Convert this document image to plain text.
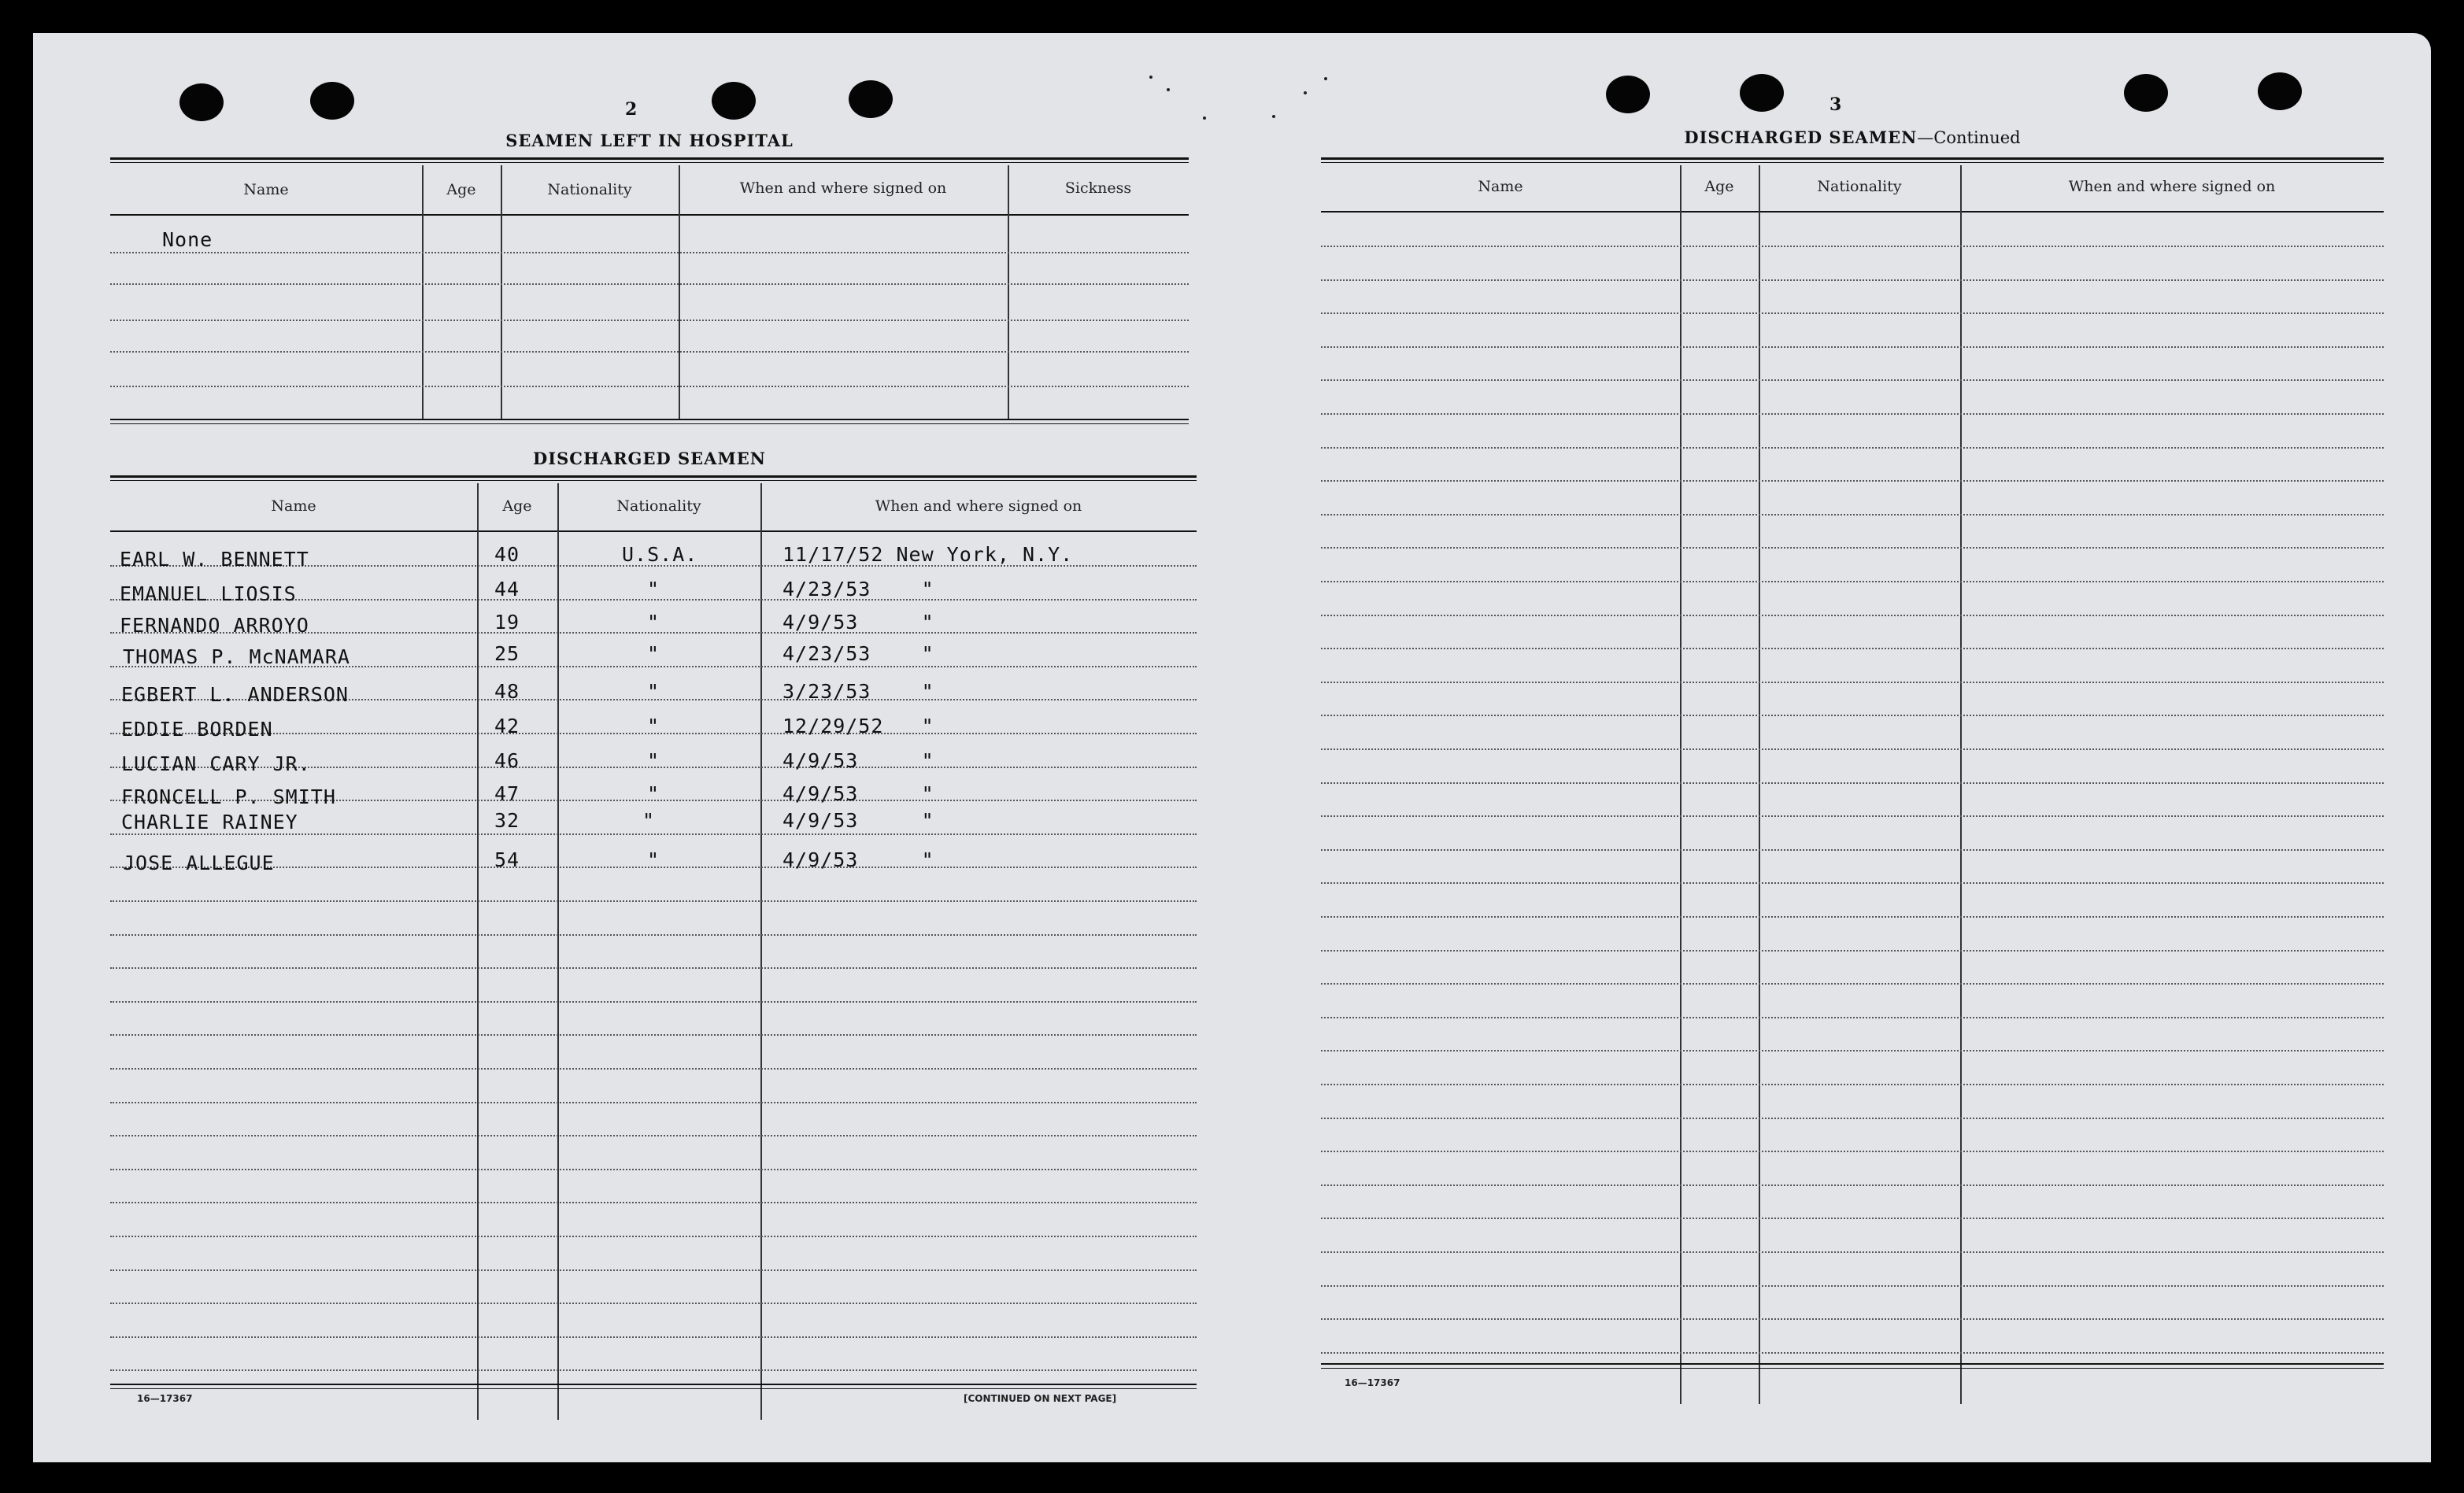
2
SEAMEN LEFT IN HOSPITAL
Name	Age	Nationality	When and where signed on	Sickness
None
DISCHARGED SEAMEN
Name	Age	Nationality	When and where signed on
EARL W. BENNETT	40	U.S.A.	11/17/52 New York, N.Y.
EMANUEL LIOSIS	44	"	4/23/53    "
FERNANDO ARROYO	19	"	4/9/53     "
THOMAS P. McNAMARA	25	"	4/23/53    "
EGBERT L. ANDERSON	48	"	3/23/53    "
EDDIE BORDEN	42	"	12/29/52   "
LUCIAN CARY JR.	46	"	4/9/53     "
FRONCELL P. SMITH	47	"	4/9/53     "
CHARLIE RAINEY	32	"	4/9/53     "
JOSE ALLEGUE	54	"	4/9/53     "
16—17367	[CONTINUED ON NEXT PAGE]
3
DISCHARGED SEAMEN—Continued
Name	Age	Nationality	When and where signed on
16—17367
